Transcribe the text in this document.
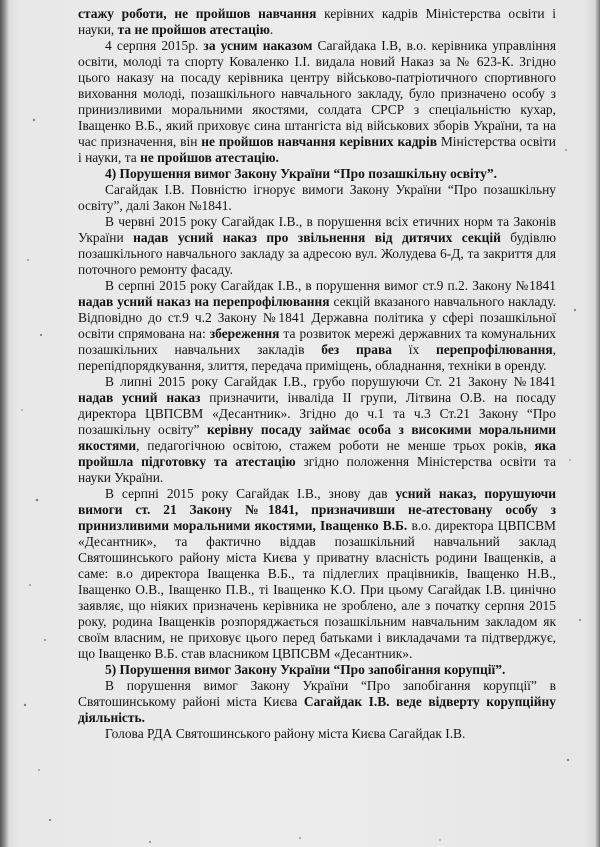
стажу роботи, не пройшов навчання керівних кадрів Міністерства освіти і науки, та не пройшов атестацію.

4 серпня 2015р. за усним наказом Сагайдака І.В, в.о. керівника управління освіти, молоді та спорту Коваленко І.І. видала новий Наказ за № 623-К. Згідно цього наказу на посаду керівника центру військово-патріотичного спортивного виховання молоді, позашкільного навчального закладу, було призначено особу з принизливими моральними якостями, солдата СРСР з спеціальністю кухар, Іващенко В.Б., який приховує сина штангіста від військових зборів України, та на час призначення, він не пройшов навчання керівних кадрів Міністерства освіти і науки, та не пройшов атестацію.

4) Порушення вимог Закону України “Про позашкільну освіту”.

Сагайдак І.В. Повністю ігнорує вимоги Закону України “Про позашкільну освіту”, далі Закон №1841.

В червні 2015 року Сагайдак І.В., в порушення всіх етичних норм та Законів України надав усний наказ про звільнення від дитячих секцій будівлю позашкільного навчального закладу за адресою вул. Жолудева 6-Д, та закриття для поточного ремонту фасаду.

В серпні 2015 року Сагайдак І.В., в порушення вимог ст.9 п.2. Закону №1841 надав усний наказ на перепрофілювання секцій вказаного навчального накладу. Відповідно до ст.9 ч.2 Закону №1841 Державна політика у сфері позашкільної освіти спрямована на: збереження та розвиток мережі державних та комунальних позашкільних навчальних закладів без права їх перепрофілювання, перепідпорядкування, злиття, передача приміщень, обладнання, техніки в оренду.

В липні 2015 року Сагайдак І.В., грубо порушуючи Ст. 21 Закону №1841 надав усний наказ призначити, інваліда ІІ групи, Літвина О.В. на посаду директора ЦВПСВМ «Десантник». Згідно до ч.1 та ч.3 Ст.21 Закону “Про позашкільну освіту” керівну посаду займає особа з високими моральними якостями, педагогічною освітою, стажем роботи не менше трьох років, яка пройшла підготовку та атестацію згідно положення Міністерства освіти та науки України.

В серпні 2015 року Сагайдак І.В., знову дав усний наказ, порушуючи вимоги ст. 21 Закону №1841, призначивши не-атестовану особу з принизливими моральними якостями, Іващенко В.Б. в.о. директора ЦВПСВМ «Десантник», та фактично віддав позашкільний навчальний заклад Святошинського району міста Києва у приватну власність родини Іващенків, а саме: в.о директора Іващенка В.Б., та підлеглих працівників, Іващенко Н.В., Іващенко О.В., Іващенко П.В., ті Іващенко К.О. При цьому Сагайдак І.В. цинічно заявляє, що ніяких призначень керівника не зроблено, але з початку серпня 2015 року, родина Іващенків розпоряджається позашкільним навчальним закладом як своїм власним, не приховує цього перед батьками і викладачами та підтверджує, що Іващенко В.Б. став власником ЦВПСВМ «Десантник».

5) Порушення вимог Закону України “Про запобігання корупції”.

В порушення вимог Закону України “Про запобігання корупції” в Святошинському районі міста Києва Сагайдак І.В. веде відверту корупційну діяльність.

Голова РДА Святошинського району міста Києва Сагайдак І.В.
